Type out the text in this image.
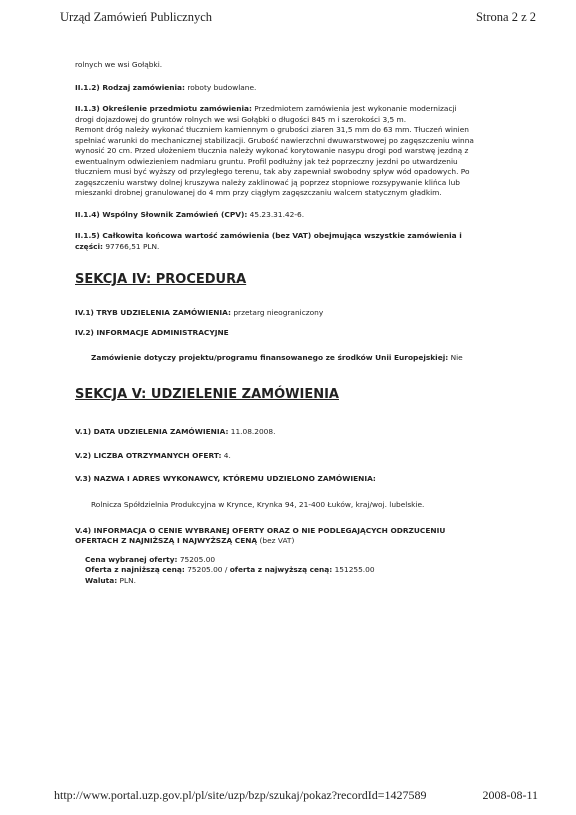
Urząd Zamówień Publicznych	Strona 2 z 2

rolnych we wsi Gołąbki.

II.1.2) Rodzaj zamówienia: roboty budowlane.

II.1.3) Określenie przedmiotu zamówienia: Przedmiotem zamówienia jest wykonanie modernizacji

drogi dojazdowej do gruntów rolnych we wsi Gołąbki o długości 845 m i szerokości 3,5 m.

Remont dróg należy wykonać tłuczniem kamiennym o grubości ziaren 31,5 mm do 63 mm. Tłuczeń winien

spełniać warunki do mechanicznej stabilizacji. Grubość nawierzchni dwuwarstwowej po zagęszczeniu winna

wynosić 20 cm. Przed ułożeniem tłucznia należy wykonać korytowanie nasypu drogi pod warstwę jezdną z

ewentualnym odwiezieniem nadmiaru gruntu. Profil podłużny jak też poprzeczny jezdni po utwardzeniu

tłuczniem musi być wyższy od przyległego terenu, tak aby zapewniał swobodny spływ wód opadowych. Po

zagęszczeniu warstwy dolnej kruszywa należy zaklinować ją poprzez stopniowe rozsypywanie klińca lub

mieszanki drobnej granulowanej do 4 mm przy ciągłym zagęszczaniu walcem statycznym gładkim.

II.1.4) Wspólny Słownik Zamówień (CPV): 45.23.31.42-6.

II.1.5) Całkowita końcowa wartość zamówienia (bez VAT) obejmująca wszystkie zamówienia i

części: 97766,51 PLN.

SEKCJA IV: PROCEDURA

IV.1) TRYB UDZIELENIA ZAMÓWIENIA: przetarg nieograniczony

IV.2) INFORMACJE ADMINISTRACYJNE

Zamówienie dotyczy projektu/programu finansowanego ze środków Unii Europejskiej: Nie

SEKCJA V: UDZIELENIE ZAMÓWIENIA

V.1) DATA UDZIELENIA ZAMÓWIENIA: 11.08.2008.

V.2) LICZBA OTRZYMANYCH OFERT: 4.

V.3) NAZWA I ADRES WYKONAWCY, KTÓREMU UDZIELONO ZAMÓWIENIA:

Rolnicza Spółdzielnia Produkcyjna w Krynce, Krynka 94, 21-400 Łuków, kraj/woj. lubelskie.

V.4) INFORMACJA O CENIE WYBRANEJ OFERTY ORAZ O NIE PODLEGAJĄCYCH ODRZUCENIU

OFERTACH Z NAJNIŻSZĄ I NAJWYŻSZĄ CENĄ (bez VAT)

Cena wybranej oferty: 75205.00

Oferta z najniższą ceną: 75205.00 / oferta z najwyższą ceną: 151255.00

Waluta: PLN.

http://www.portal.uzp.gov.pl/pl/site/uzp/bzp/szukaj/pokaz?recordId=1427589	2008-08-11
